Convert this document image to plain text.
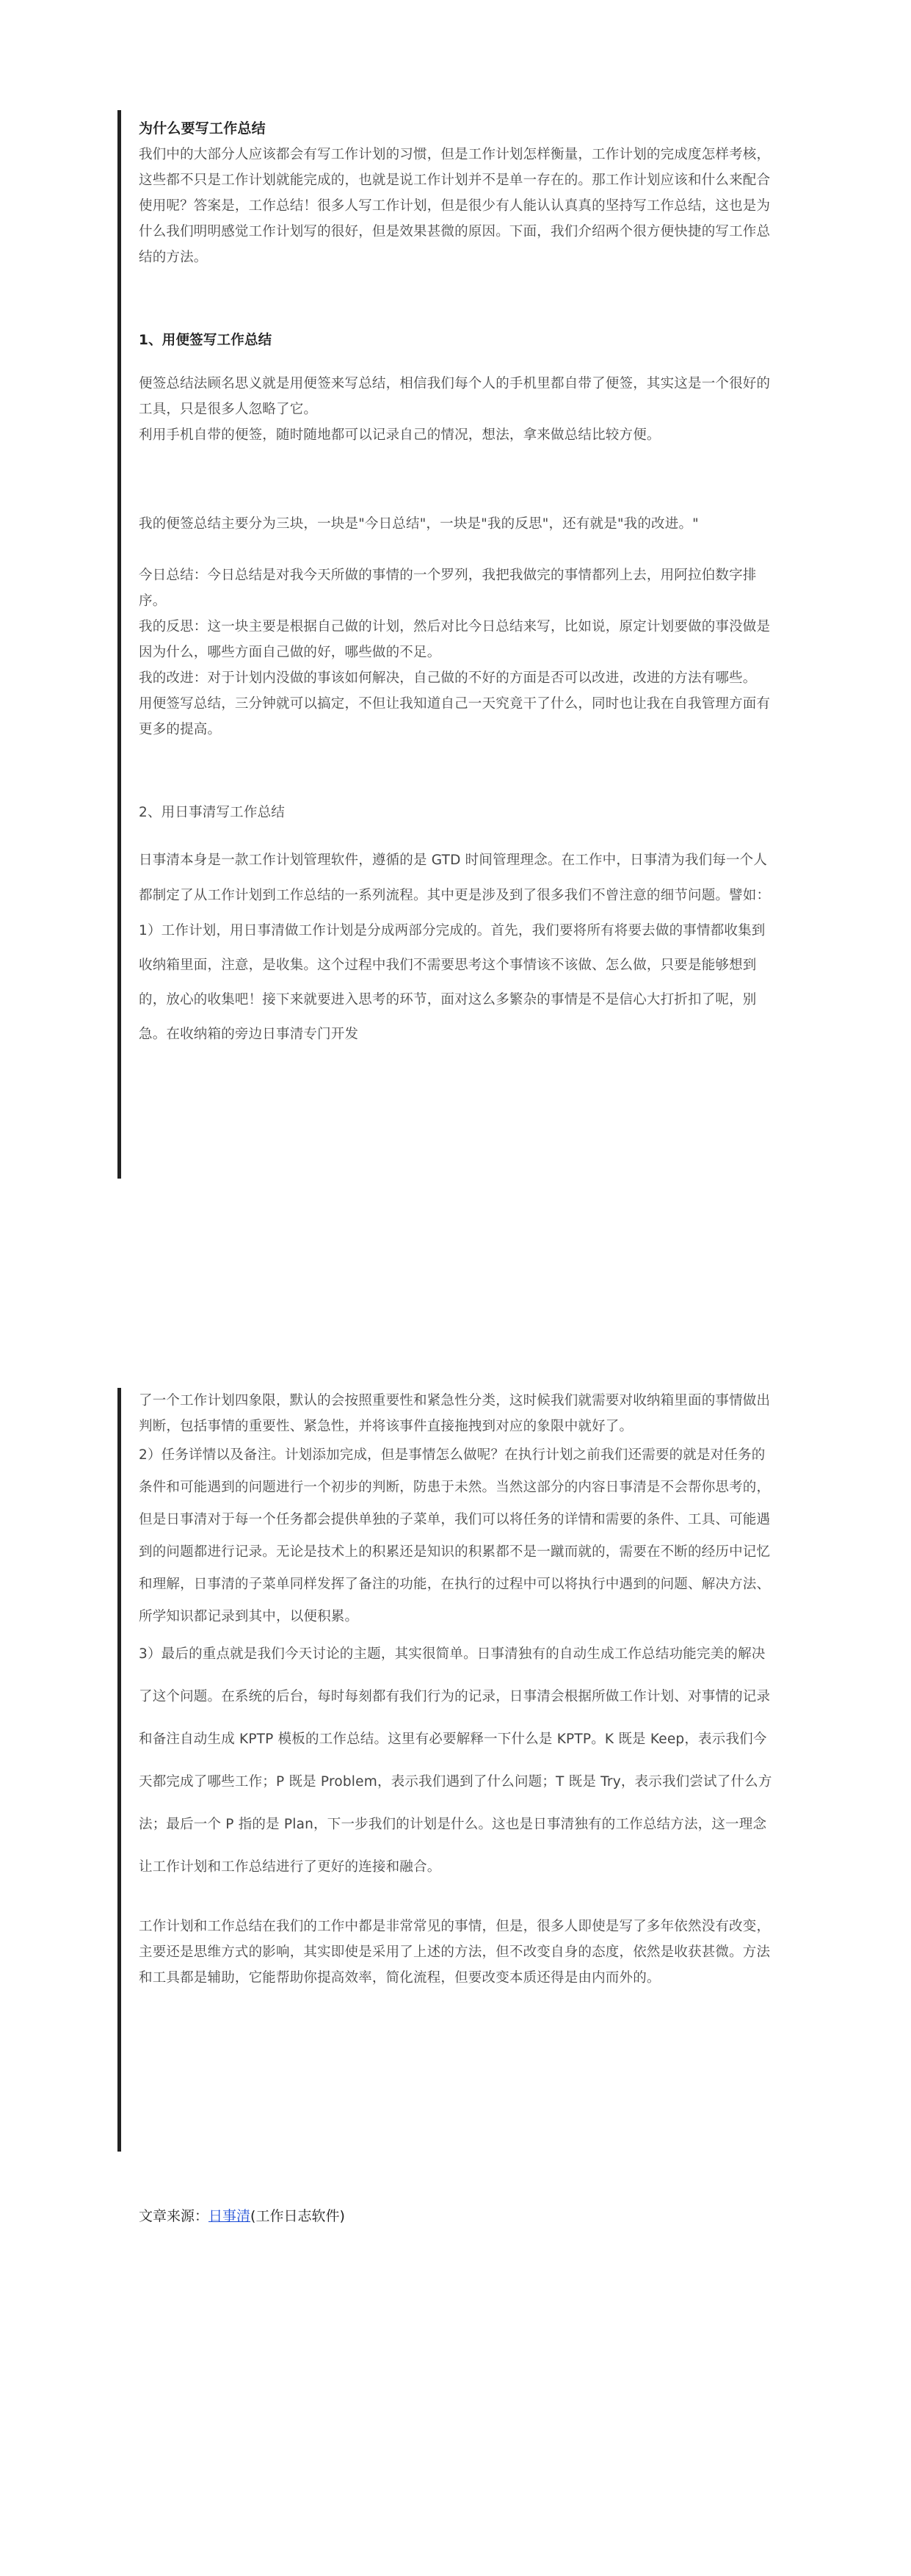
为什么要写工作总结

我们中的大部分人应该都会有写工作计划的习惯，但是工作计划怎样衡量，工作计划的完成度怎样考核，这些都不只是工作计划就能完成的，也就是说工作计划并不是单一存在的。那工作计划应该和什么来配合使用呢？答案是，工作总结！很多人写工作计划，但是很少有人能认认真真的坚持写工作总结，这也是为什么我们明明感觉工作计划写的很好，但是效果甚微的原因。下面，我们介绍两个很方便快捷的写工作总结的方法。

1、用便签写工作总结

便签总结法顾名思义就是用便签来写总结，相信我们每个人的手机里都自带了便签，其实这是一个很好的工具，只是很多人忽略了它。

利用手机自带的便签，随时随地都可以记录自己的情况，想法，拿来做总结比较方便。

我的便签总结主要分为三块，一块是"今日总结"，一块是"我的反思"，还有就是"我的改进。"

今日总结：今日总结是对我今天所做的事情的一个罗列，我把我做完的事情都列上去，用阿拉伯数字排序。

我的反思：这一块主要是根据自己做的计划，然后对比今日总结来写，比如说，原定计划要做的事没做是因为什么，哪些方面自己做的好，哪些做的不足。

我的改进：对于计划内没做的事该如何解决，自己做的不好的方面是否可以改进，改进的方法有哪些。

用便签写总结，三分钟就可以搞定，不但让我知道自己一天究竟干了什么，同时也让我在自我管理方面有更多的提高。

2、用日事清写工作总结

日事清本身是一款工作计划管理软件，遵循的是 GTD 时间管理理念。在工作中，日事清为我们每一个人都制定了从工作计划到工作总结的一系列流程。其中更是涉及到了很多我们不曾注意的细节问题。譬如：

1）工作计划，用日事清做工作计划是分成两部分完成的。首先，我们要将所有将要去做的事情都收集到收纳箱里面，注意，是收集。这个过程中我们不需要思考这个事情该不该做、怎么做，只要是能够想到的，放心的收集吧！接下来就要进入思考的环节，面对这么多繁杂的事情是不是信心大打折扣了呢，别急。在收纳箱的旁边日事清专门开发

了一个工作计划四象限，默认的会按照重要性和紧急性分类，这时候我们就需要对收纳箱里面的事情做出判断，包括事情的重要性、紧急性，并将该事件直接拖拽到对应的象限中就好了。

2）任务详情以及备注。计划添加完成，但是事情怎么做呢？在执行计划之前我们还需要的就是对任务的条件和可能遇到的问题进行一个初步的判断，防患于未然。当然这部分的内容日事清是不会帮你思考的，但是日事清对于每一个任务都会提供单独的子菜单，我们可以将任务的详情和需要的条件、工具、可能遇到的问题都进行记录。无论是技术上的积累还是知识的积累都不是一蹴而就的，需要在不断的经历中记忆和理解，日事清的子菜单同样发挥了备注的功能，在执行的过程中可以将执行中遇到的问题、解决方法、所学知识都记录到其中，以便积累。

3）最后的重点就是我们今天讨论的主题，其实很简单。日事清独有的自动生成工作总结功能完美的解决了这个问题。在系统的后台，每时每刻都有我们行为的记录，日事清会根据所做工作计划、对事情的记录和备注自动生成 KPTP 模板的工作总结。这里有必要解释一下什么是 KPTP。K 既是 Keep，表示我们今天都完成了哪些工作；P 既是 Problem，表示我们遇到了什么问题；T 既是 Try，表示我们尝试了什么方法；最后一个 P 指的是 Plan，下一步我们的计划是什么。这也是日事清独有的工作总结方法，这一理念让工作计划和工作总结进行了更好的连接和融合。

工作计划和工作总结在我们的工作中都是非常常见的事情，但是，很多人即使是写了多年依然没有改变，主要还是思维方式的影响，其实即使是采用了上述的方法，但不改变自身的态度，依然是收获甚微。方法和工具都是辅助，它能帮助你提高效率，简化流程，但要改变本质还得是由内而外的。

文章来源：日事清(工作日志软件)
